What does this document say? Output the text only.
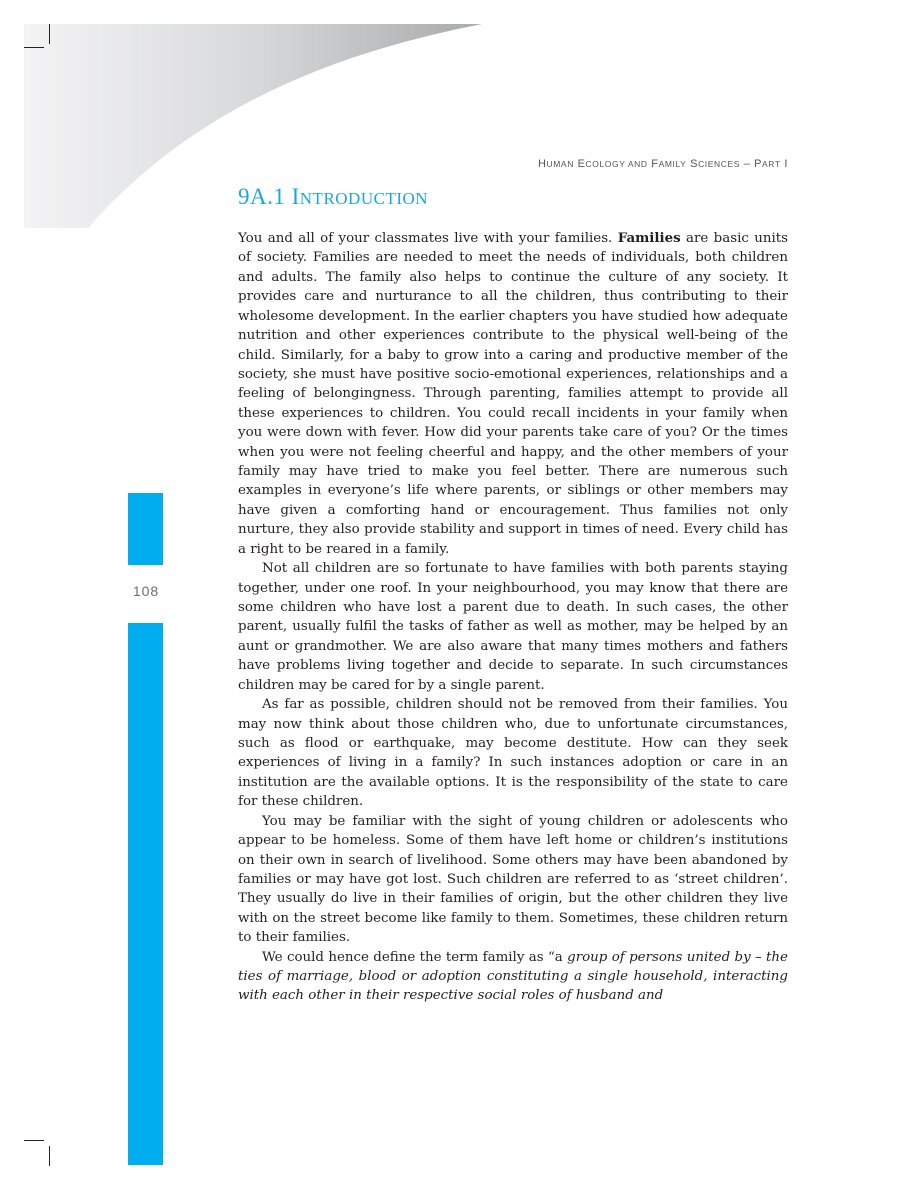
108
HUMAN ECOLOGY AND FAMILY SCIENCES – PART I
9A.1 INTRODUCTION

You and all of your classmates live with your families. Families are basic units of society. Families are needed to meet the needs of individuals, both children and adults. The family also helps to continue the culture of any society. It provides care and nurturance to all the children, thus contributing to their wholesome development. In the earlier chapters you have studied how adequate nutrition and other experiences contribute to the physical well-being of the child. Similarly, for a baby to grow into a caring and productive member of the society, she must have positive socio-emotional experiences, relationships and a feeling of belongingness. Through parenting, families attempt to provide all these experiences to children. You could recall incidents in your family when you were down with fever. How did your parents take care of you? Or the times when you were not feeling cheerful and happy, and the other members of your family may have tried to make you feel better. There are numerous such examples in everyone’s life where parents, or siblings or other members may have given a comforting hand or encouragement. Thus families not only nurture, they also provide stability and support in times of need. Every child has a right to be reared in a family.

Not all children are so fortunate to have families with both parents staying together, under one roof. In your neighbourhood, you may know that there are some children who have lost a parent due to death. In such cases, the other parent, usually fulfil the tasks of father as well as mother, may be helped by an aunt or grandmother. We are also aware that many times mothers and fathers have problems living together and decide to separate. In such circumstances children may be cared for by a single parent.

As far as possible, children should not be removed from their families. You may now think about those children who, due to unfortunate circumstances, such as flood or earthquake, may become destitute. How can they seek experiences of living in a family? In such instances adoption or care in an institution are the available options. It is the responsibility of the state to care for these children.

You may be familiar with the sight of young children or adolescents who appear to be homeless. Some of them have left home or children’s institutions on their own in search of livelihood. Some others may have been abandoned by families or may have got lost. Such children are referred to as ‘street children’. They usually do live in their families of origin, but the other children they live with on the street become like family to them. Sometimes, these children return to their families.

We could hence define the term family as “a group of persons united by – the ties of marriage, blood or adoption constituting a single household, interacting with each other in their respective social roles of husband and
